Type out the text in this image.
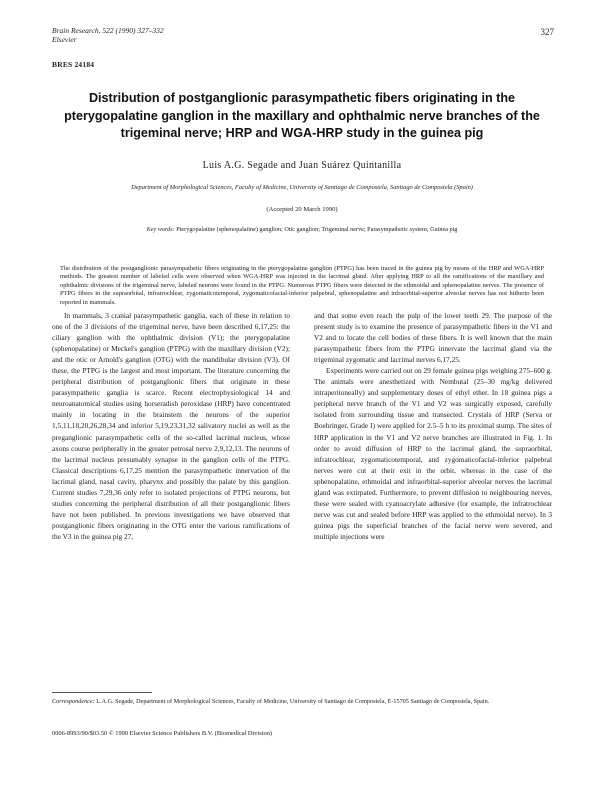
Brain Research, 522 (1990) 327–332
Elsevier
327
BRES 24184
Distribution of postganglionic parasympathetic fibers originating in the pterygopalatine ganglion in the maxillary and ophthalmic nerve branches of the trigeminal nerve; HRP and WGA-HRP study in the guinea pig
Luis A.G. Segade and Juan Suárez Quintanilla
Department of Morphological Sciences, Faculty of Medicine, University of Santiago de Compostela, Santiago de Compostela (Spain)
(Accepted 20 March 1990)
Key words: Pterygopalatine (sphenopalatine) ganglion; Otic ganglion; Trigeminal nerve; Parasympathetic system; Guinea pig
The distribution of the postganglionic parasympathetic fibers originating in the pterygopalatine ganglion (PTPG) has been traced in the guinea pig by means of the HRP and WGA-HRP methods. The greatest number of labeled cells were observed when WGA-HRP was injected in the lacrimal gland. After applying HRP to all the ramifications of the maxillary and ophthalmic divisions of the trigeminal nerve, labeled neurons were found in the PTPG. Numerous PTPG fibers were detected in the ethmoidal and sphenopalatine nerves. The presence of PTPG fibers in the supraorbital, infratrochlear, zygomaticotemporal, zygomaticofacial-inferior palpebral, sphenopalatine and infraorbital-superior alveolar nerves has not hitherto been reported in mammals.

In mammals, 3 cranial parasympathetic ganglia, each of these in relation to one of the 3 divisions of the trigeminal nerve, have been described 6,17,25: the ciliary ganglion with the ophthalmic division (V1); the pterygopalatine (sphenopalatine) or Meckel's ganglion (PTPG) with the maxillary division (V2); and the otic or Arnold's ganglion (OTG) with the mandibular division (V3). Of these, the PTPG is the largest and most important. The literature concerning the peripheral distribution of postganglionic fibers that originate in these parasympathetic ganglia is scarce. Recent electrophysiological 14 and neuroanatomical studies using horseradish peroxidase (HRP) have concentrated mainly in locating in the brainstem the neurons of the superior 1,5,11,18,20,26,28,34 and inferior 5,19,23,31,32 salivatory nuclei as well as the preganglionic parasympathetic cells of the so-called lacrimal nucleus, whose axons course peripherally in the greater petrosal nerve 2,9,12,13. The neurons of the lacrimal nucleus presumably synapse in the ganglion cells of the PTPG. Classical descriptions 6,17,25 mention the parasympathetic innervation of the lacrimal gland, nasal cavity, pharynx and possibly the palate by this ganglion. Current studies 7,29,36 only refer to isolated projections of PTPG neurons, but studies concerning the peripheral distribution of all their postganglionic fibers have not been published. In previous investigations we have observed that postganglionic fibers originating in the OTG enter the various ramifications of the V3 in the guinea pig 27,

and that some even reach the pulp of the lower teeth 29. The purpose of the present study is to examine the presence of parasympathetic fibers in the V1 and V2 and to locate the cell bodies of these fibers. It is well known that the main parasympathetic fibers from the PTPG innervate the lacrimal gland via the trigeminal zygomatic and lacrimal nerves 6,17,25.

Experiments were carried out on 29 female guinea pigs weighing 275–600 g. The animals were anesthetized with Nembutal (25–30 mg/kg delivered intraperitoneally) and supplementary doses of ethyl ether. In 18 guinea pigs a peripheral nerve branch of the V1 and V2 was surgically exposed, carefully isolated from surrounding tissue and transected. Crystals of HRP (Serva or Boehringer, Grade I) were applied for 2.5–5 h to its proximal stump. The sites of HRP application in the V1 and V2 nerve branches are illustrated in Fig. 1. In order to avoid diffusion of HRP to the lacrimal gland, the supraorbital, infratrochlear, zygomaticotemporal, and zygomaticofacial-inferior palpebral nerves were cut at their exit in the orbit, whereas in the case of the sphenopalatine, ethmoidal and infraorbital-superior alveolar nerves the lacrimal gland was extirpated. Furthermore, to prevent diffusion to neighbouring nerves, these were sealed with cyanoacrylate adhesive (for example, the infratrochlear nerve was cut and sealed before HRP was applied to the ethmoidal nerve). In 3 guinea pigs the superficial branches of the facial nerve were severed, and multiple injections were

Correspondence: L.A.G. Segade, Department of Morphological Sciences, Faculty of Medicine, University of Santiago de Compostela, E-15705 Santiago de Compostela, Spain.
0006-8993/90/$03.50 © 1990 Elsevier Science Publishers B.V. (Biomedical Division)
